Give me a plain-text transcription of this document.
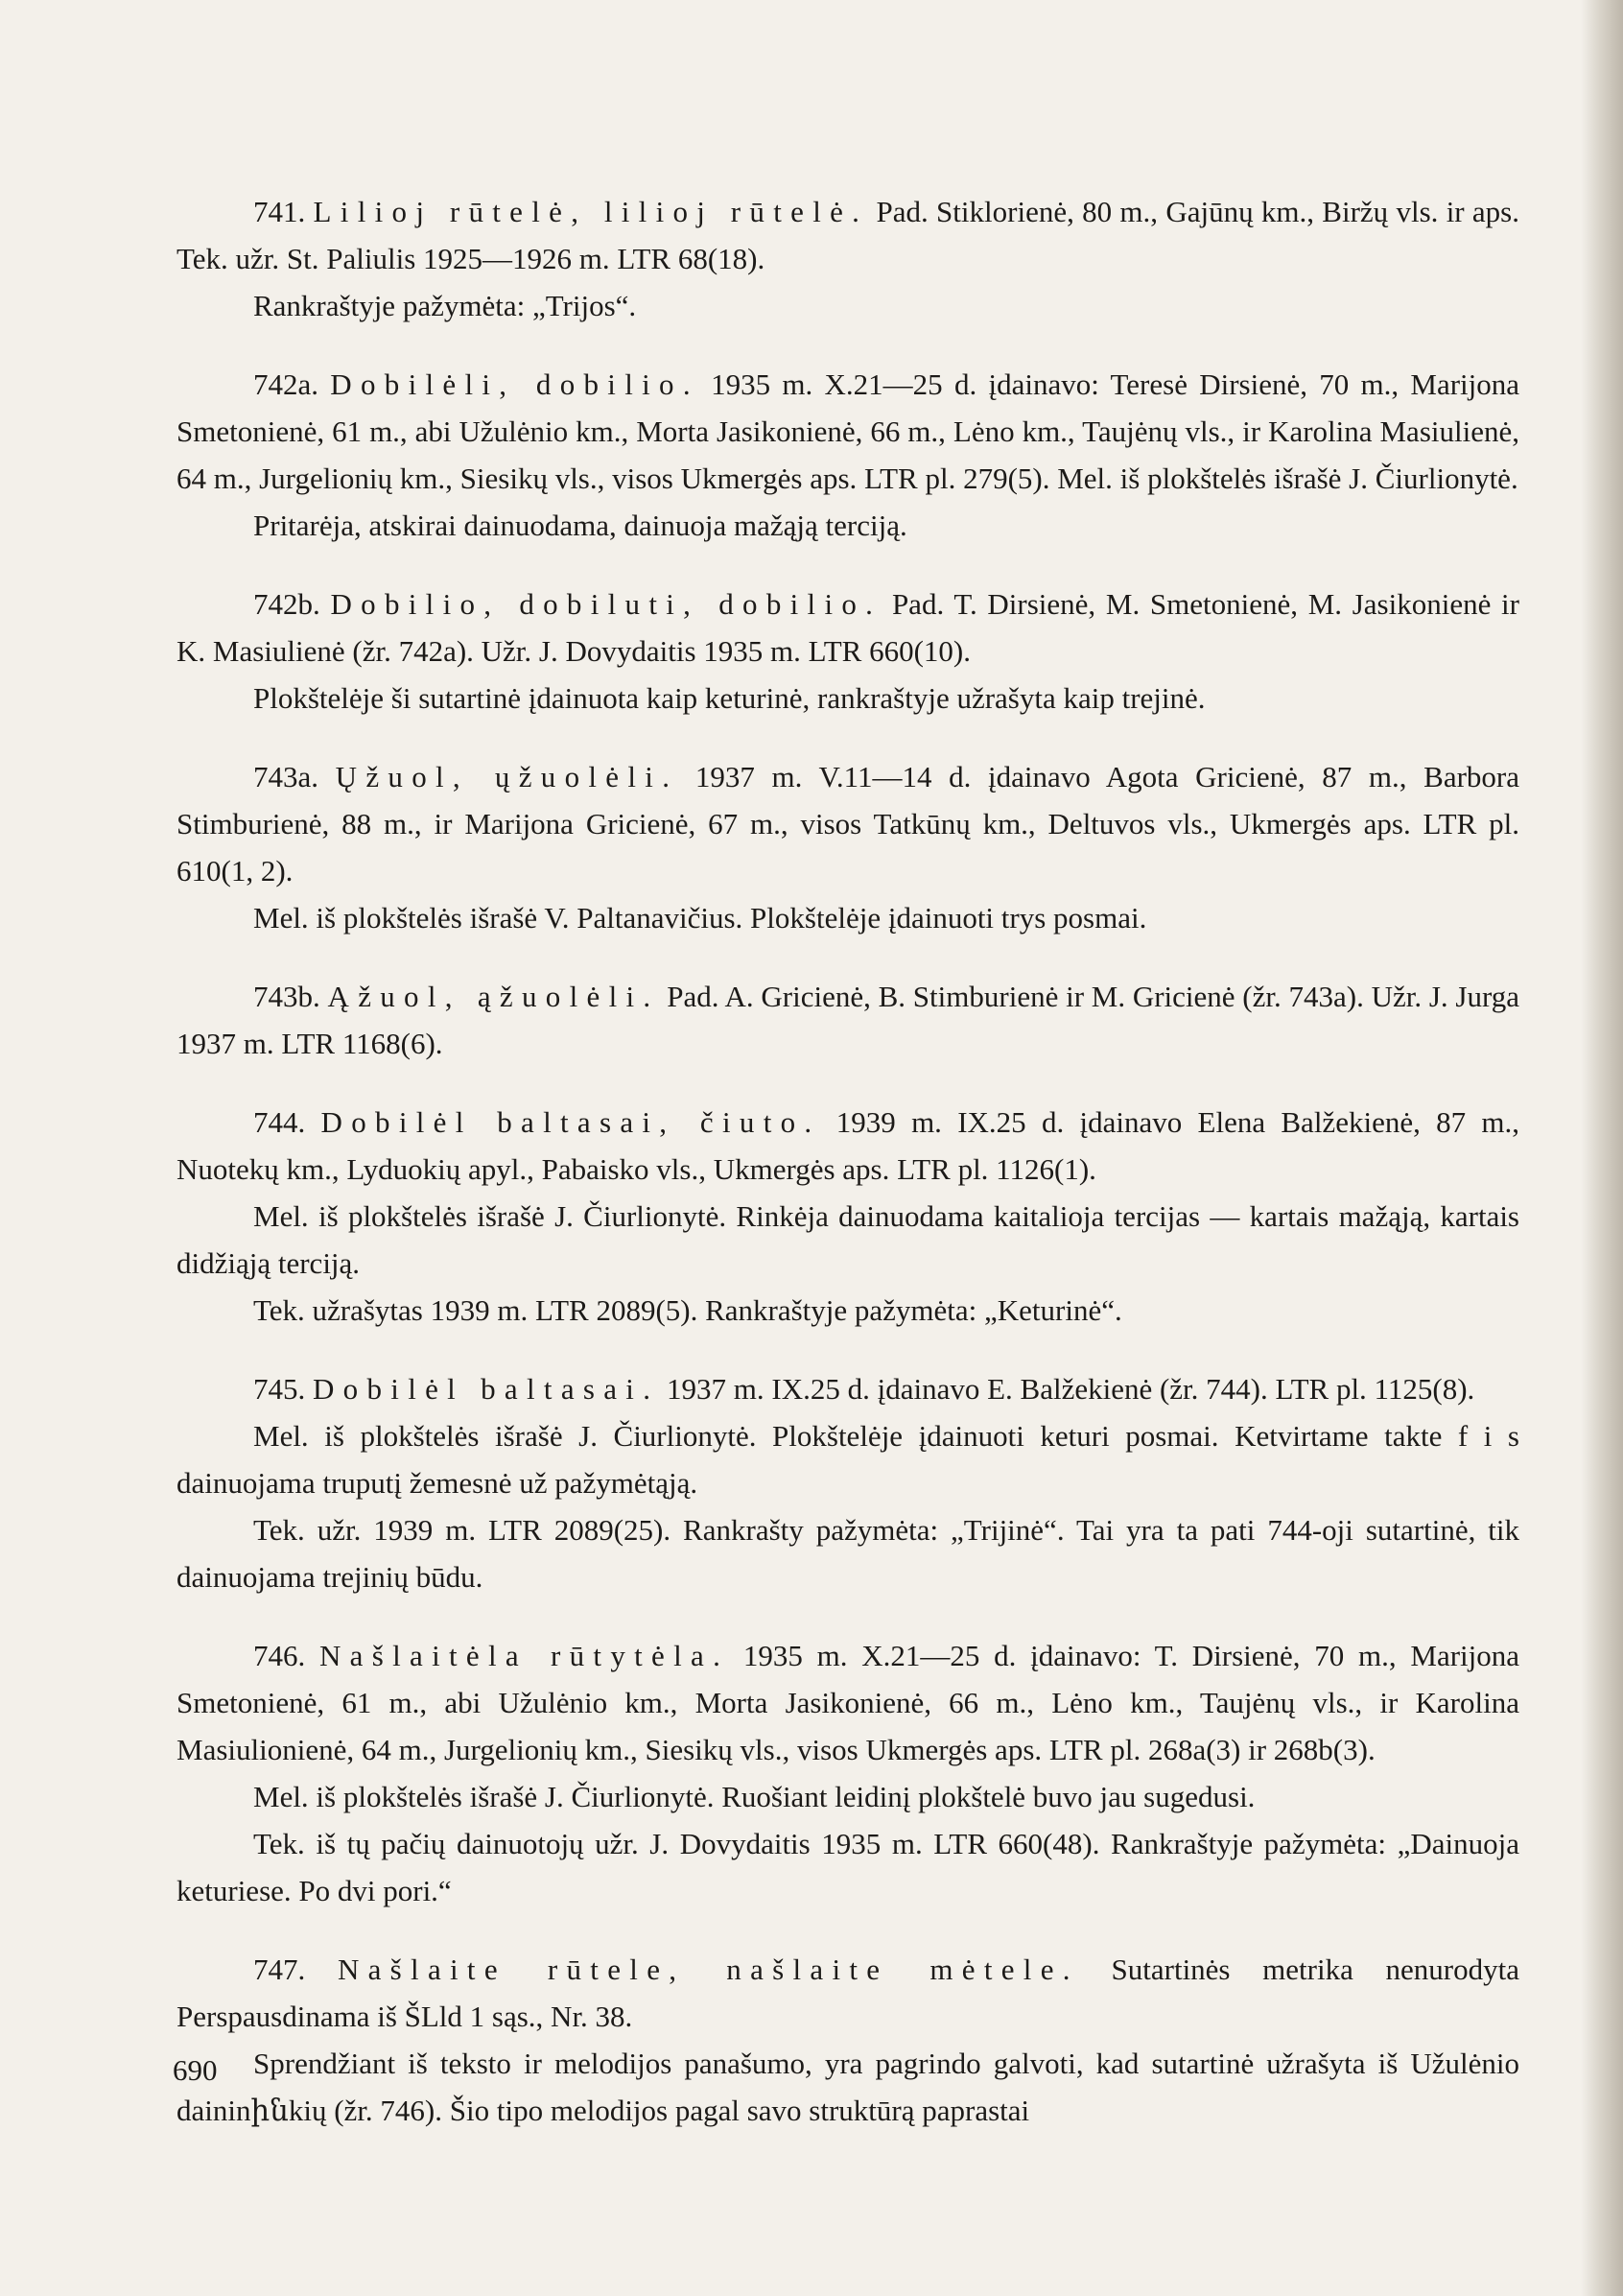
741. Lilioj rūtelė, lilioj rūtelė. Pad. Stiklorienė, 80 m., Gajūnų km., Biržų vls. ir aps. Tek. užr. St. Paliulis 1925—1926 m. LTR 68(18).

Rankraštyje pažymėta: „Trijos“.

742a. Dobilėli, dobilio. 1935 m. X.21—25 d. įdainavo: Teresė Dirsienė, 70 m., Marijona Smetonienė, 61 m., abi Užulėnio km., Morta Jasikonienė, 66 m., Lėno km., Taujėnų vls., ir Karolina Masiulienė, 64 m., Jurgelionių km., Siesikų vls., visos Ukmergės aps. LTR pl. 279(5). Mel. iš plokštelės išrašė J. Čiurlionytė.

Pritarėja, atskirai dainuodama, dainuoja mažąją terciją.

742b. Dobilio, dobiluti, dobilio. Pad. T. Dirsienė, M. Smetonienė, M. Jasikonienė ir K. Masiulienė (žr. 742a). Užr. J. Dovydaitis 1935 m. LTR 660(10).

Plokštelėje ši sutartinė įdainuota kaip keturinė, rankraštyje užrašyta kaip trejinė.

743a. Ųžuol, ųžuolėli. 1937 m. V.11—14 d. įdainavo Agota Gricienė, 87 m., Barbora Stimburienė, 88 m., ir Marijona Gricienė, 67 m., visos Tatkūnų km., Deltuvos vls., Ukmergės aps. LTR pl. 610(1, 2).

Mel. iš plokštelės išrašė V. Paltanavičius. Plokštelėje įdainuoti trys posmai.

743b. Ąžuol, ąžuolėli. Pad. A. Gricienė, B. Stimburienė ir M. Gricienė (žr. 743a). Užr. J. Jurga 1937 m. LTR 1168(6).

744. Dobilėl baltasai, čiuto. 1939 m. IX.25 d. įdainavo Elena Balžekienė, 87 m., Nuotekų km., Lyduokių apyl., Pabaisko vls., Ukmergės aps. LTR pl. 1126(1).

Mel. iš plokštelės išrašė J. Čiurlionytė. Rinkėja dainuodama kaitalioja tercijas — kartais mažąją, kartais didžiąją terciją.

Tek. užrašytas 1939 m. LTR 2089(5). Rankraštyje pažymėta: „Keturinė“.

745. Dobilėl baltasai. 1937 m. IX.25 d. įdainavo E. Balžekienė (žr. 744). LTR pl. 1125(8).

Mel. iš plokštelės išrašė J. Čiurlionytė. Plokštelėje įdainuoti keturi posmai. Ketvirtame takte f i s dainuojama truputį žemesnė už pažymėtąją.

Tek. užr. 1939 m. LTR 2089(25). Rankrašty pažymėta: „Trijinė“. Tai yra ta pati 744-oji sutartinė, tik dainuojama trejinių būdu.

746. Našlaitėla rūtytėla. 1935 m. X.21—25 d. įdainavo: T. Dirsienė, 70 m., Marijona Smetonienė, 61 m., abi Užulėnio km., Morta Jasikonienė, 66 m., Lėno km., Taujėnų vls., ir Karolina Masiulionienė, 64 m., Jurgelionių km., Siesikų vls., visos Ukmergės aps. LTR pl. 268a(3) ir 268b(3).

Mel. iš plokštelės išrašė J. Čiurlionytė. Ruošiant leidinį plokštelė buvo jau sugedusi.

Tek. iš tų pačių dainuotojų užr. J. Dovydaitis 1935 m. LTR 660(48). Rankraštyje pažymėta: „Dainuoja keturiese. Po dvi pori.“

747. Našlaite rūtele, našlaite mėtele. Sutartinės metrika nenurodyta Perspausdinama iš ŠLld 1 sąs., Nr. 38.

Sprendžiant iš teksto ir melodijos panašumo, yra pagrindo galvoti, kad sutartinė užrašyta iš Užulėnio daininինkių (žr. 746). Šio tipo melodijos pagal savo struktūrą paprastai

690
